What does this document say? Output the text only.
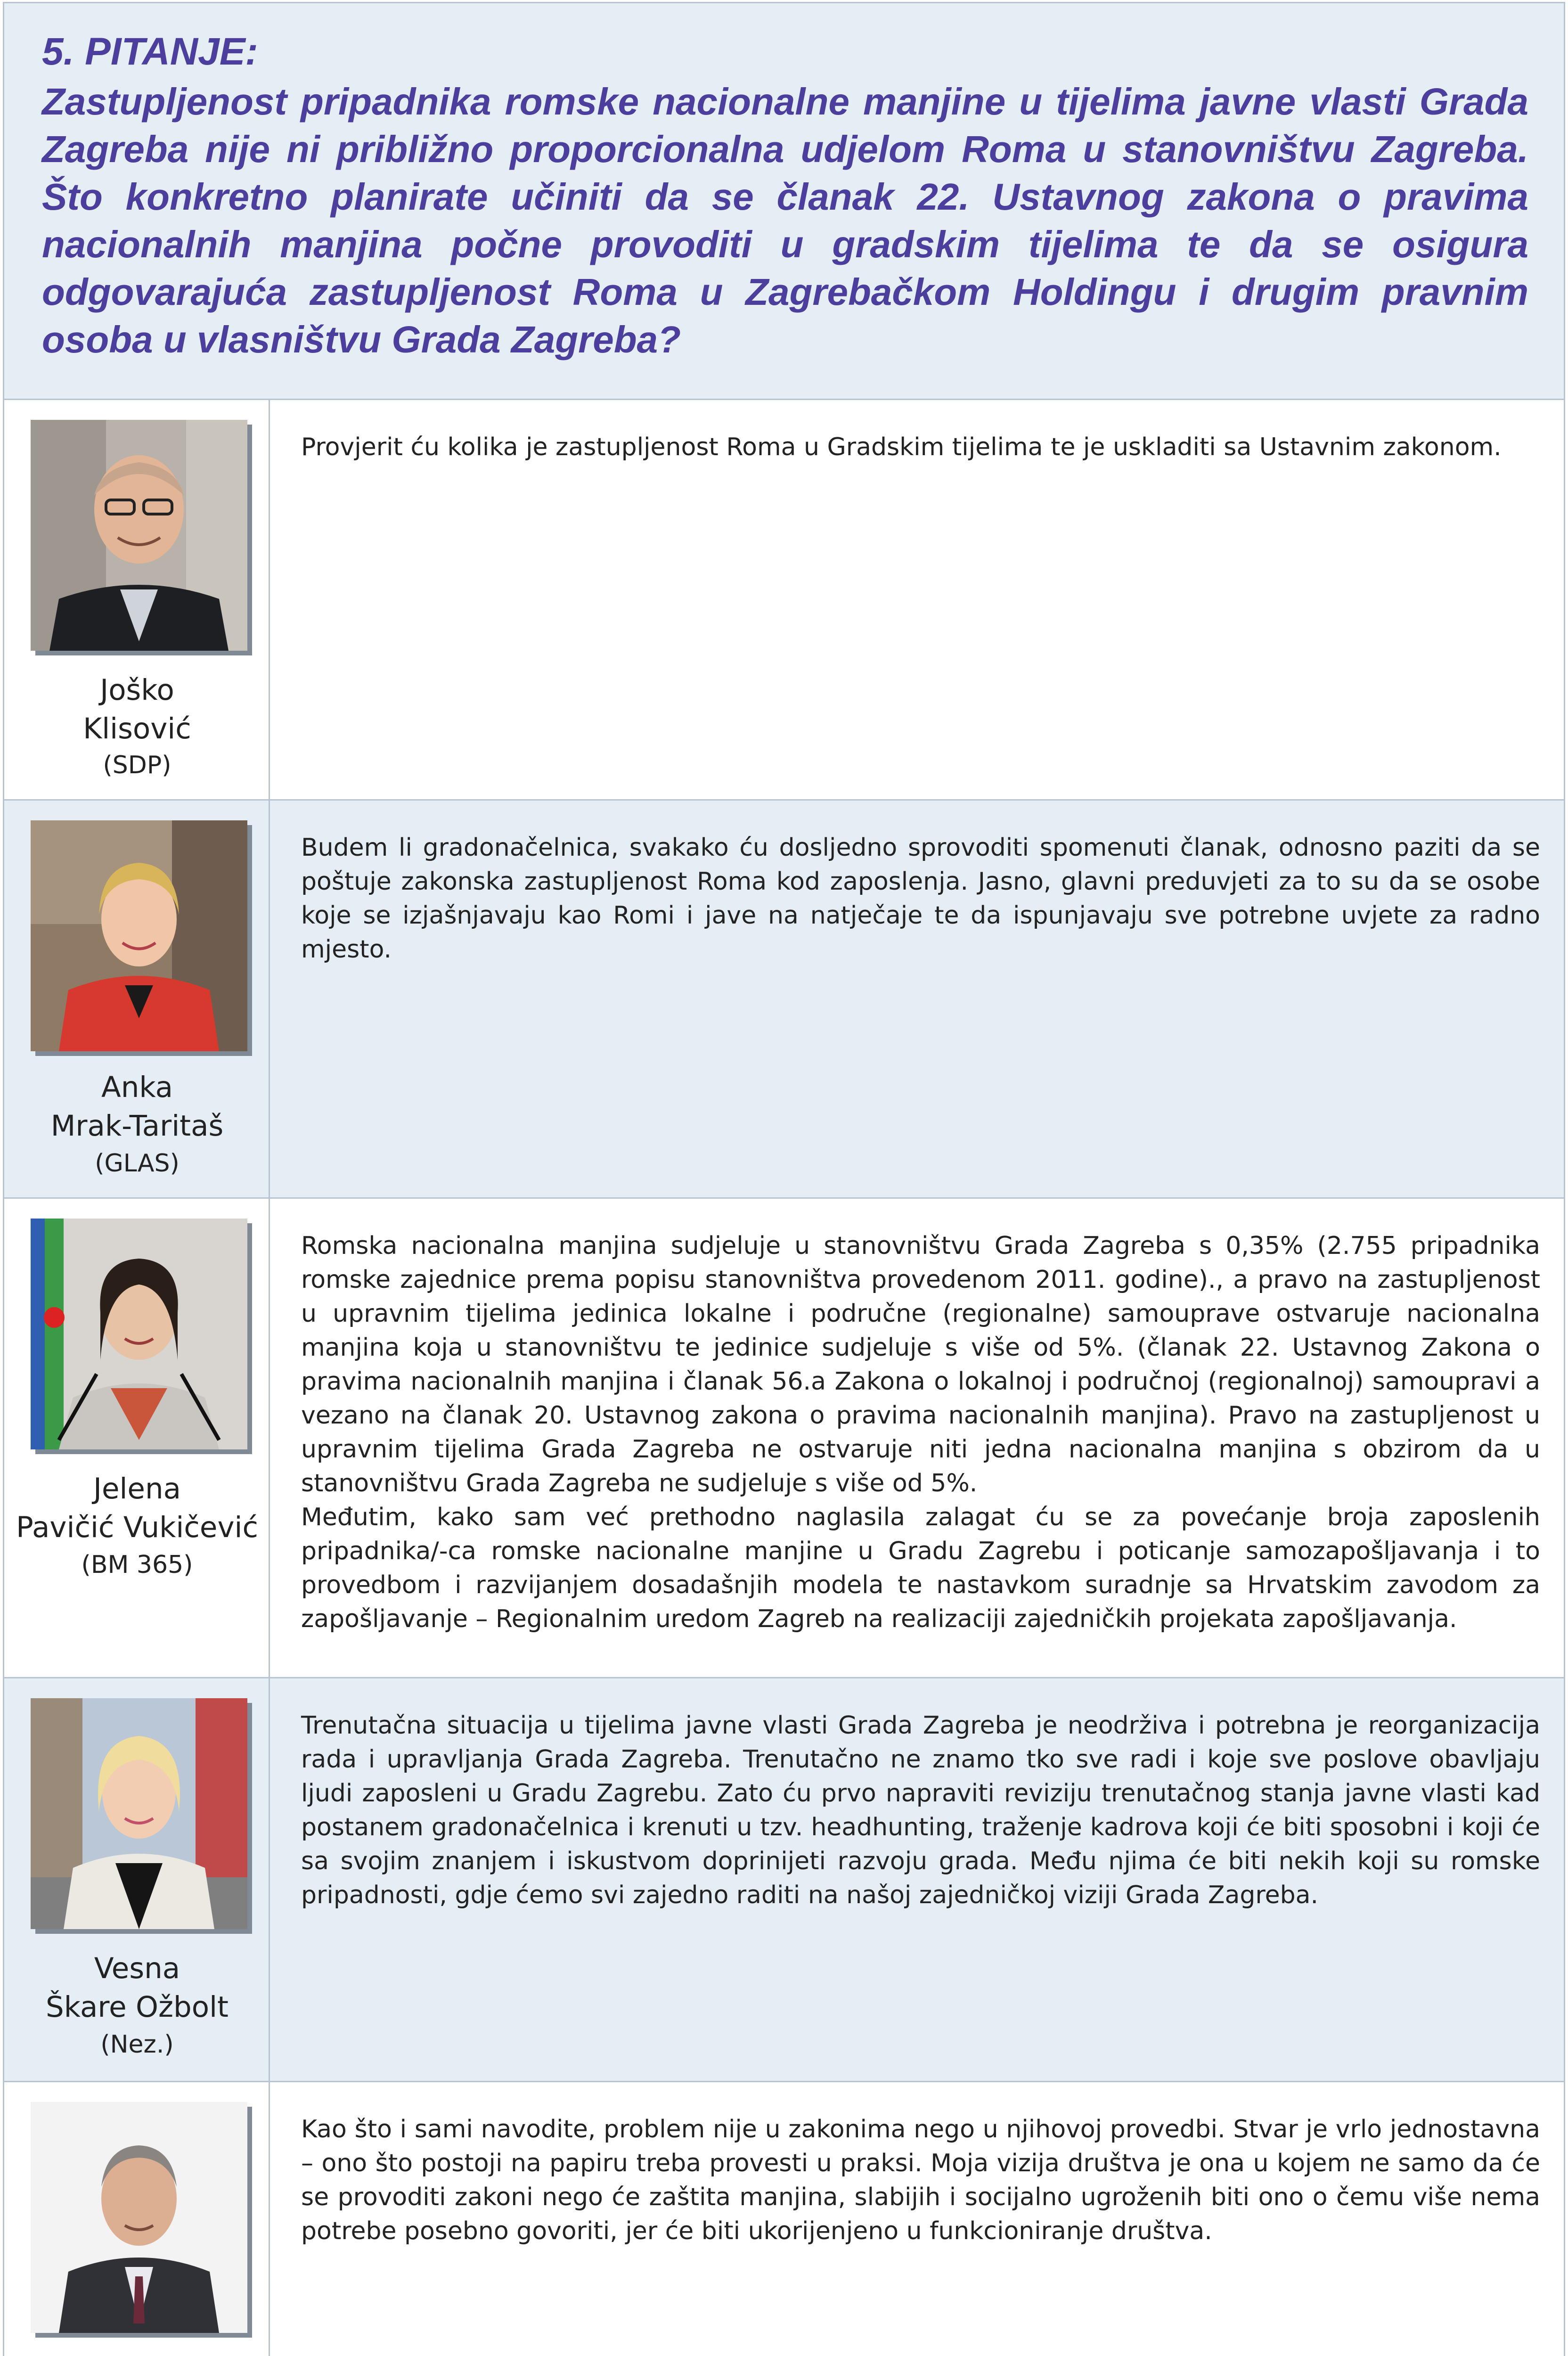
5. PITANJE:
Zastupljenost pripadnika romske nacionalne manjine u tijelima javne vlasti Grada Zagreba nije ni približno proporcionalna udjelom Roma u stanovništvu Zagreba. Što konkretno planirate učiniti da se članak 22. Ustavnog zakona o pravima nacionalnih manjina počne provoditi u gradskim tijelima te da se osigura odgovarajuća zastupljenost Roma u Zagrebačkom Holdingu i drugim pravnim osoba u vlasništvu Grada Zagreba?
Joško
Klisović
(SDP)
Provjerit ću kolika je zastupljenost Roma u Gradskim tijelima te je uskladiti sa Ustavnim zakonom.
Anka
Mrak-Taritaš
(GLAS)
Budem li gradonačelnica, svakako ću dosljedno sprovoditi spomenuti članak, odnosno paziti da se poštuje zakonska zastupljenost Roma kod zaposlenja. Jasno, glavni preduvjeti za to su da se osobe koje se izjašnjavaju kao Romi i jave na natječaje te da ispunjavaju sve potrebne uvjete za radno mjesto.
Jelena
Pavičić Vukičević
(BM 365)
Romska nacionalna manjina sudjeluje u stanovništvu Grada Zagreba s 0,35% (2.755 pripadnika romske zajednice prema popisu stanovništva provedenom 2011. godine)., a pravo na zastupljenost u upravnim tijelima jedinica lokalne i područne (regionalne) samouprave ostvaruje nacionalna manjina koja u stanovništvu te jedinice sudjeluje s više od 5%. (članak 22. Ustavnog Zakona o pravima nacionalnih manjina i članak 56.a Zakona o lokalnoj i područnoj (regionalnoj) samoupravi a vezano na članak 20. Ustavnog zakona o pravima nacionalnih manjina). Pravo na zastupljenost u upravnim tijelima Grada Zagreba ne ostvaruje niti jedna nacionalna manjina s obzirom da u stanovništvu Grada Zagreba ne sudjeluje s više od 5%.
Međutim, kako sam već prethodno naglasila zalagat ću se za povećanje broja zaposlenih pripadnika/-ca romske nacionalne manjine u Gradu Zagrebu i poticanje samozapošljavanja i to provedbom i razvijanjem dosadašnjih modela te nastavkom suradnje sa Hrvatskim zavodom za zapošljavanje – Regionalnim uredom Zagreb na realizaciji zajedničkih projekata zapošljavanja.
Vesna
Škare Ožbolt
(Nez.)
Trenutačna situacija u tijelima javne vlasti Grada Zagreba je neodrživa i potrebna je reorganizacija rada i upravljanja Grada Zagreba. Trenutačno ne znamo tko sve radi i koje sve poslove obavljaju ljudi zaposleni u Gradu Zagrebu. Zato ću prvo napraviti reviziju trenutačnog stanja javne vlasti kad postanem gradonačelnica i krenuti u tzv. headhunting, traženje kadrova koji će biti sposobni i koji će sa svojim znanjem i iskustvom doprinijeti razvoju grada. Među njima će biti nekih koji su romske pripadnosti, gdje ćemo svi zajedno raditi na našoj zajedničkoj viziji Grada Zagreba.
Kao što i sami navodite, problem nije u zakonima nego u njihovoj provedbi. Stvar je vrlo jednostavna – ono što postoji na papiru treba provesti u praksi. Moja vizija društva je ona u kojem ne samo da će se provoditi zakoni nego će zaštita manjina, slabijih i socijalno ugroženih biti ono o čemu više nema potrebe posebno govoriti, jer će biti ukorijenjeno u funkcioniranje društva.
